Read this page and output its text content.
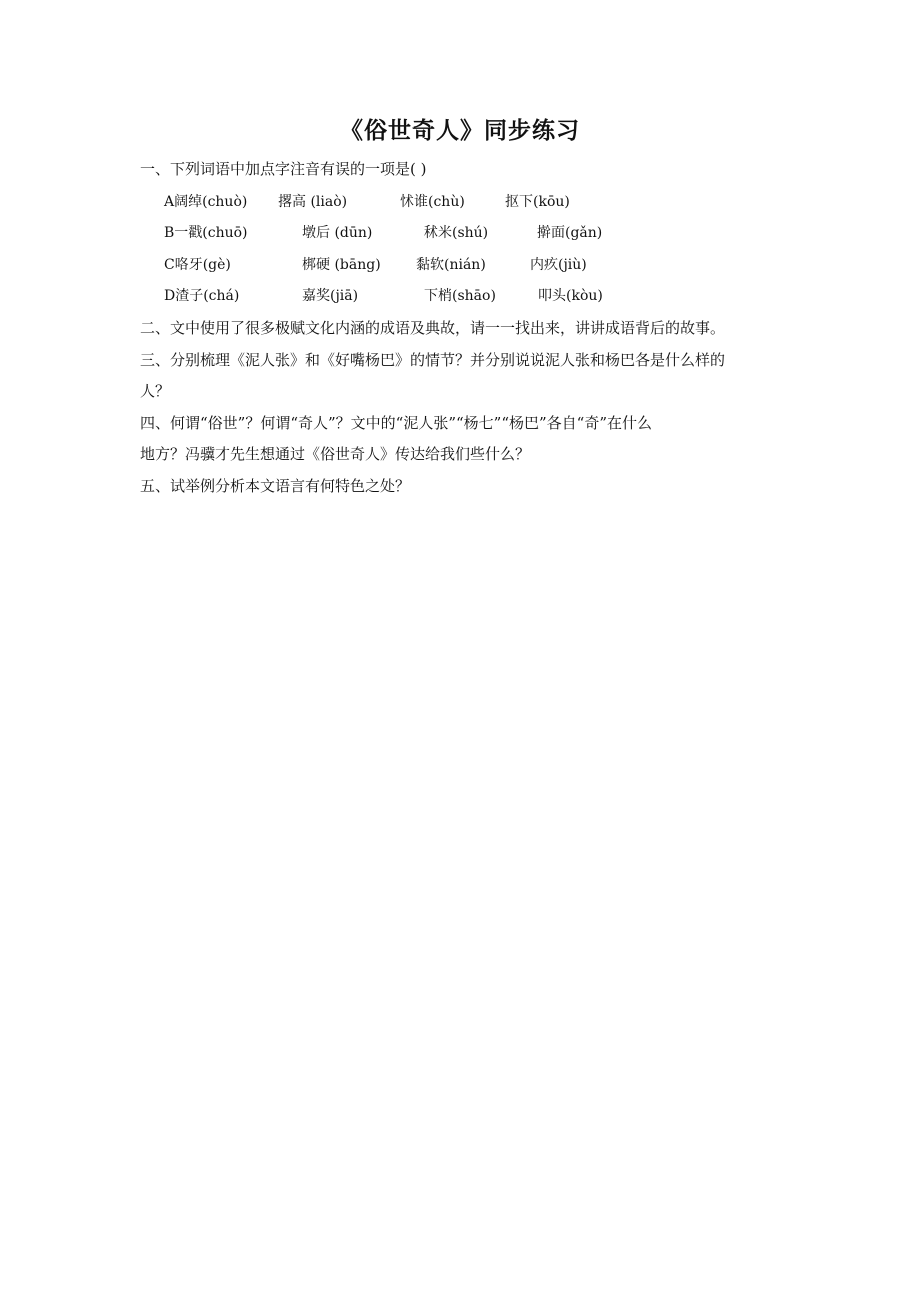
《俗世奇人》同步练习
一、下列词语中加点字注音有误的一项是( )
A阔绰(chuò) 撂高 (liaò)	怵谁(chù)	抠下(kōu)
B一戳(chuō)	墩后 (dūn)	秫米(shú)	擀面(gǎn)
C咯牙(gè)	梆硬 (bāng)	黏软(nián)	内疚(jiù)
D渣子(chá)	嘉奖(jiā)	下梢(shāo)	叩头(kòu)
二、文中使用了很多极赋文化内涵的成语及典故，请一一找出来，讲讲成语背后的故事。
三、分别梳理《泥人张》和《好嘴杨巴》的情节？并分别说说泥人张和杨巴各是什么样的
人？
四、何谓“俗世”？何谓“奇人”？文中的“泥人张”“杨七”“杨巴”各自“奇”在什么
地方？冯骥才先生想通过《俗世奇人》传达给我们些什么？
五、试举例分析本文语言有何特色之处？
